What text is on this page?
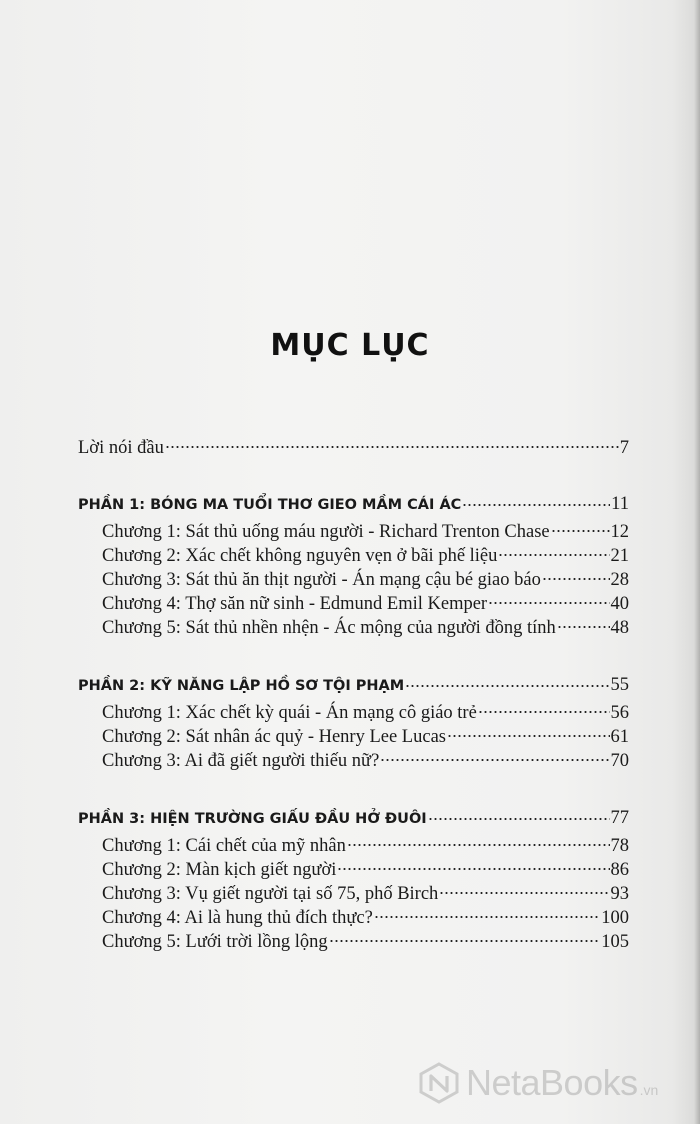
MỤC LỤC
Lời nói đầu	7
PHẦN 1: BÓNG MA TUỔI THƠ GIEO MẦM CÁI ÁC	11
Chương 1: Sát thủ uống máu người - Richard Trenton Chase	12
Chương 2: Xác chết không nguyên vẹn ở bãi phế liệu	21
Chương 3: Sát thủ ăn thịt người - Án mạng cậu bé giao báo	28
Chương 4: Thợ săn nữ sinh - Edmund Emil Kemper	40
Chương 5: Sát thủ nhền nhện - Ác mộng của người đồng tính	48
PHẦN 2: KỸ NĂNG LẬP HỒ SƠ TỘI PHẠM	55
Chương 1: Xác chết kỳ quái - Án mạng cô giáo trẻ	56
Chương 2: Sát nhân ác quỷ - Henry Lee Lucas	61
Chương 3: Ai đã giết người thiếu nữ?	70
PHẦN 3: HIỆN TRƯỜNG GIẤU ĐẦU HỞ ĐUÔI	77
Chương 1: Cái chết của mỹ nhân	78
Chương 2: Màn kịch giết người	86
Chương 3: Vụ giết người tại số 75, phố Birch	93
Chương 4: Ai là hung thủ đích thực?	100
Chương 5: Lưới trời lồng lộng	105
NetaBooks .vn
